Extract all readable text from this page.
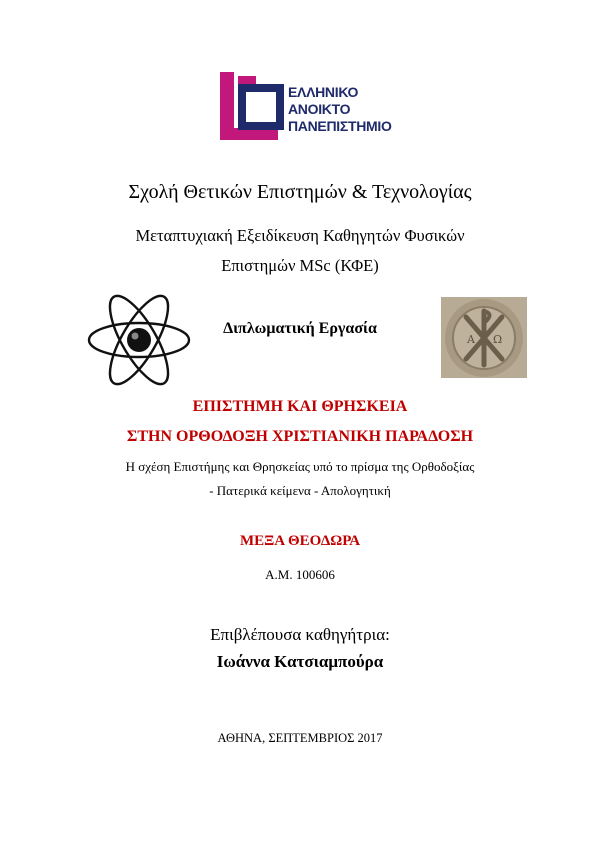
ΕΛΛΗΝΙΚΟ
ΑΝΟΙΚΤΟ
ΠΑΝΕΠΙΣΤΗΜΙΟ
Σχολή Θετικών Επιστημών & Τεχνολογίας
Μεταπτυχιακή Εξειδίκευση Καθηγητών Φυσικών
Επιστημών MSc (ΚΦΕ)
Α Ω
Διπλωματική Εργασία
ΕΠΙΣΤΗΜΗ ΚΑΙ ΘΡΗΣΚΕΙΑ
ΣΤΗΝ ΟΡΘΟΔΟΞΗ ΧΡΙΣΤΙΑΝΙΚΗ ΠΑΡΑΔΟΣΗ
Η σχέση Επιστήμης και Θρησκείας υπό το πρίσμα της Ορθοδοξίας
- Πατερικά κείμενα - Απολογητική
ΜΕΞΑ ΘΕΟΔΩΡΑ
Α.Μ. 100606
Επιβλέπουσα καθηγήτρια:
Ιωάννα Κατσιαμπούρα
ΑΘΗΝΑ, ΣΕΠΤΕΜΒΡΙΟΣ 2017
